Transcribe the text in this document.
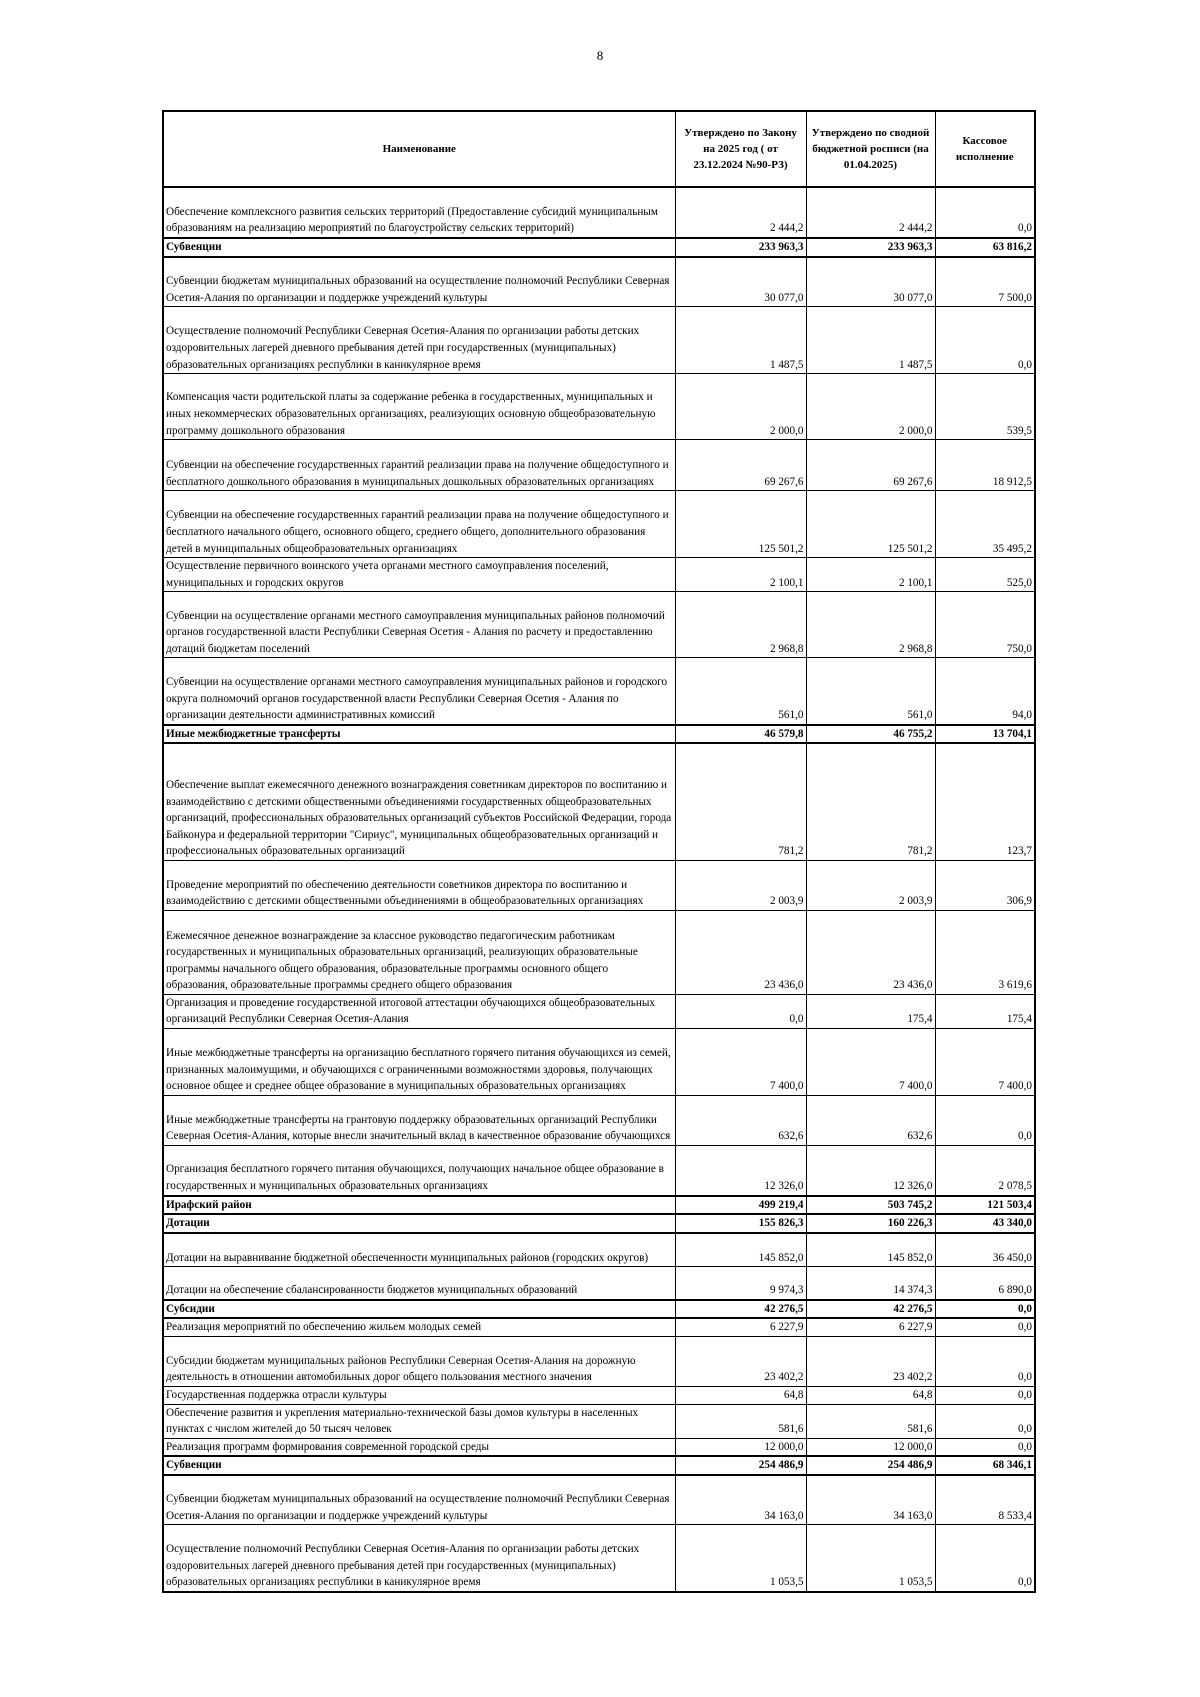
8
Наименование	Утверждено по Законy на 2025 год ( от 23.12.2024 №90-РЗ)	Утверждено по сводной бюджетной росписи (на 01.04.2025)	Кассовое исполнение
Обеспечение комплексного развития сельских территорий (Предоставление субсидий муниципальным образованиям на реализацию мероприятий по благоустройству сельских территорий)	2 444,2	2 444,2	0,0
Субвенции	233 963,3	233 963,3	63 816,2
Субвенции бюджетам муниципальных образований на осуществление полномочий Республики Северная Осетия-Алания по организации и поддержке учреждений культуры	30 077,0	30 077,0	7 500,0
Осуществление полномочий Республики Северная Осетия-Алания по организации работы детских оздоровительных лагерей дневного пребывания детей при государственных (муниципальных) образовательных организациях республики в каникулярное время	1 487,5	1 487,5	0,0
Компенсация части родительской платы за содержание ребенка в государственных, муниципальных и иных некоммерческих образовательных организациях, реализующих основную общеобразовательную программу дошкольного образования	2 000,0	2 000,0	539,5
Субвенции на обеспечение государственных гарантий реализации права на получение общедоступного и бесплатного дошкольного образования в муниципальных дошкольных образовательных организациях	69 267,6	69 267,6	18 912,5
Субвенции на обеспечение государственных гарантий реализации права на получение общедоступного и бесплатного начального общего, основного общего, среднего общего, дополнительного образования детей в муниципальных общеобразовательных организациях	125 501,2	125 501,2	35 495,2
Осуществление первичного воинского учета органами местного самоуправления поселений, муниципальных и городских округов	2 100,1	2 100,1	525,0
Субвенции на осуществление органами местного самоуправления муниципальных районов полномочий органов государственной власти Республики Северная Осетия - Алания по расчету и предоставлению дотаций бюджетам поселений	2 968,8	2 968,8	750,0
Субвенции на осуществление органами местного самоуправления муниципальных районов и городского округа полномочий органов государственной власти Республики Северная Осетия - Алания по организации деятельности административных комиссий	561,0	561,0	94,0
Иные межбюджетные трансферты	46 579,8	46 755,2	13 704,1
Обеспечение выплат ежемесячного денежного вознаграждения советникам директоров по воспитанию и взаимодействию с детскими общественными объединениями государственных общеобразовательных организаций, профессиональных образовательных организаций субъектов Российской Федерации, города Байконура и федеральной территории "Сириус", муниципальных общеобразовательных организаций и профессиональных образовательных организаций	781,2	781,2	123,7
Проведение мероприятий по обеспечению деятельности советников директора по воспитанию и взаимодействию с детскими общественными объединениями в общеобразовательных организациях	2 003,9	2 003,9	306,9
Ежемесячное денежное вознаграждение за классное руководство педагогическим работникам государственных и муниципальных образовательных организаций, реализующих образовательные программы начального общего образования, образовательные программы основного общего образования, образовательные программы среднего общего образования	23 436,0	23 436,0	3 619,6
Организация и проведение государственной итоговой аттестации обучающихся общеобразовательных организаций Республики Северная Осетия-Алания	0,0	175,4	175,4
Иные межбюджетные трансферты на организацию бесплатного горячего питания обучающихся из семей, признанных малоимущими, и обучающихся с ограниченными возможностями здоровья, получающих основное общее и среднее общее образование в муниципальных образовательных организациях	7 400,0	7 400,0	7 400,0
Иные межбюджетные трансферты на грантовую поддержку образовательных организаций Республики Северная Осетия-Алания, которые внесли значительный вклад в качественное образование обучающихся	632,6	632,6	0,0
Организация бесплатного горячего питания обучающихся, получающих начальное общее образование в государственных и муниципальных образовательных организациях	12 326,0	12 326,0	2 078,5
Ирафский район	499 219,4	503 745,2	121 503,4
Дотации	155 826,3	160 226,3	43 340,0
Дотации на выравнивание бюджетной обеспеченности муниципальных районов (городских округов)	145 852,0	145 852,0	36 450,0
Дотации на обеспечение сбалансированности бюджетов муниципальных образований	9 974,3	14 374,3	6 890,0
Субсидии	42 276,5	42 276,5	0,0
Реализация мероприятий по обеспечению жильем молодых семей	6 227,9	6 227,9	0,0
Субсидии бюджетам муниципальных районов Республики Северная Осетия-Алания на дорожную деятельность в отношении автомобильных дорог общего пользования местного значения	23 402,2	23 402,2	0,0
Государственная поддержка отрасли культуры	64,8	64,8	0,0
Обеспечение развития и укрепления материально-технической базы домов культуры в населенных пунктах с числом жителей до 50 тысяч человек	581,6	581,6	0,0
Реализация программ формирования современной городской среды	12 000,0	12 000,0	0,0
Субвенции	254 486,9	254 486,9	68 346,1
Субвенции бюджетам муниципальных образований на осуществление полномочий Республики Северная Осетия-Алания по организации и поддержке учреждений культуры	34 163,0	34 163,0	8 533,4
Осуществление полномочий Республики Северная Осетия-Алания по организации работы детских оздоровительных лагерей дневного пребывания детей при государственных (муниципальных) образовательных организациях республики в каникулярное время	1 053,5	1 053,5	0,0
